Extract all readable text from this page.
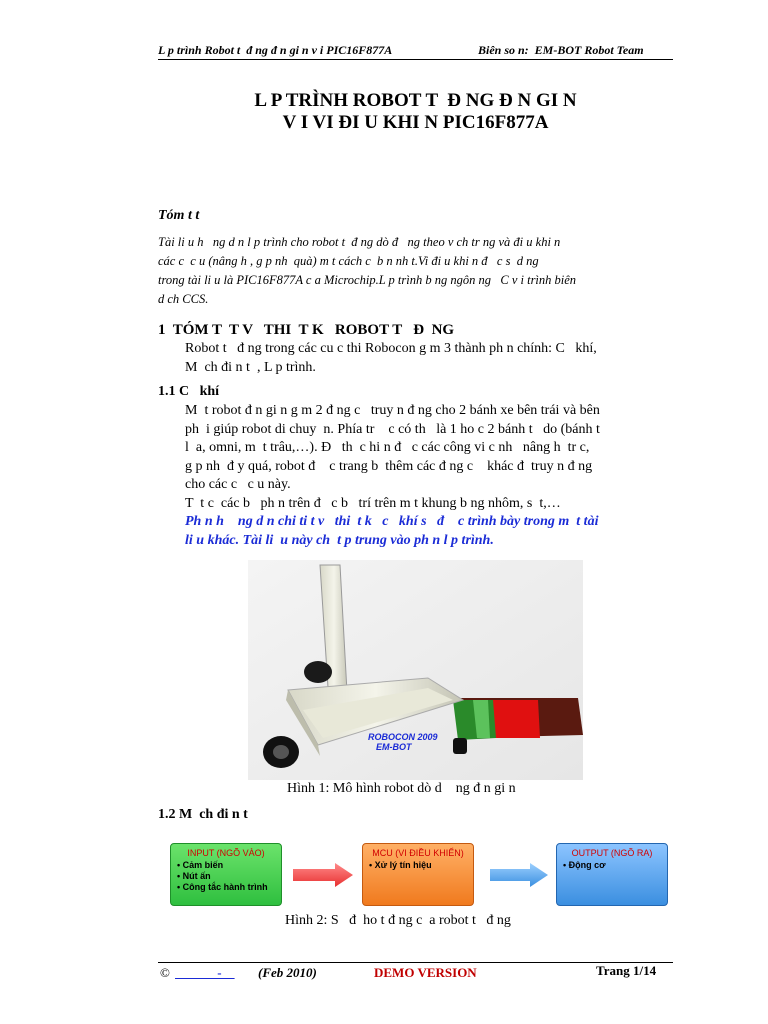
L p trình Robot t  đ ng đ n gi n v i PIC16F877A	Biên so n:  EM-BOT Robot Team
L P TRÌNH ROBOT T  Đ NG Đ N GI N
V I VI ĐI U KHI N PIC16F877A
Tóm t t
Tài li u h   ng d n l p trình cho robot t  đ ng dò đ   ng theo v ch tr ng và đi u khi n
các c  c u (nâng h , g p nh  quà) m t cách c  b n nh t.Vi đi u khi n đ   c s  d ng
trong tài li u là PIC16F877A c a Microchip.L p trình b ng ngôn ng   C v i trình biên
d ch CCS.
1  TÓM T  T V   THI  T K   ROBOT T   Đ  NG
Robot t   đ ng trong các cu c thi Robocon g m 3 thành ph n chính: C   khí,
M  ch đi n t  , L p trình.
1.1 C   khí
M  t robot đ n gi n g m 2 đ ng c   truy n đ ng cho 2 bánh xe bên trái và bên
ph  i giúp robot di chuy  n. Phía tr    c có th   là 1 ho c 2 bánh t   do (bánh t
l  a, omni, m  t trâu,…). Đ   th  c hi n đ   c các công vi c nh   nâng h  tr c,
g p nh  đ y quá, robot đ    c trang b  thêm các đ ng c    khác đ  truy n đ ng
cho các c   c u này.
T  t c  các b   ph n trên đ   c b   trí trên m t khung b ng nhôm, s  t,…
Ph n h    ng d n chi ti t v   thi  t k   c   khí s   đ    c trình bày trong m  t tài
li u khác. Tài li  u này ch  t p trung vào ph n l p trình.
ROBOCON 2009
EM-BOT
Hình 1: Mô hình robot dò d    ng đ n gi n
1.2 M  ch đi n t
INPUT (NGÕ VÀO)
• Cảm biến
• Nút ấn
• Công tắc hành trình
MCU (VI ĐIỀU KHIỂN)
• Xử lý tín hiệu
OUTPUT (NGÕ RA)
• Động cơ
Hình 2: S   đ  ho t đ ng c  a robot t   đ ng
© - (Feb 2010)	DEMO VERSION	Trang 1/14
